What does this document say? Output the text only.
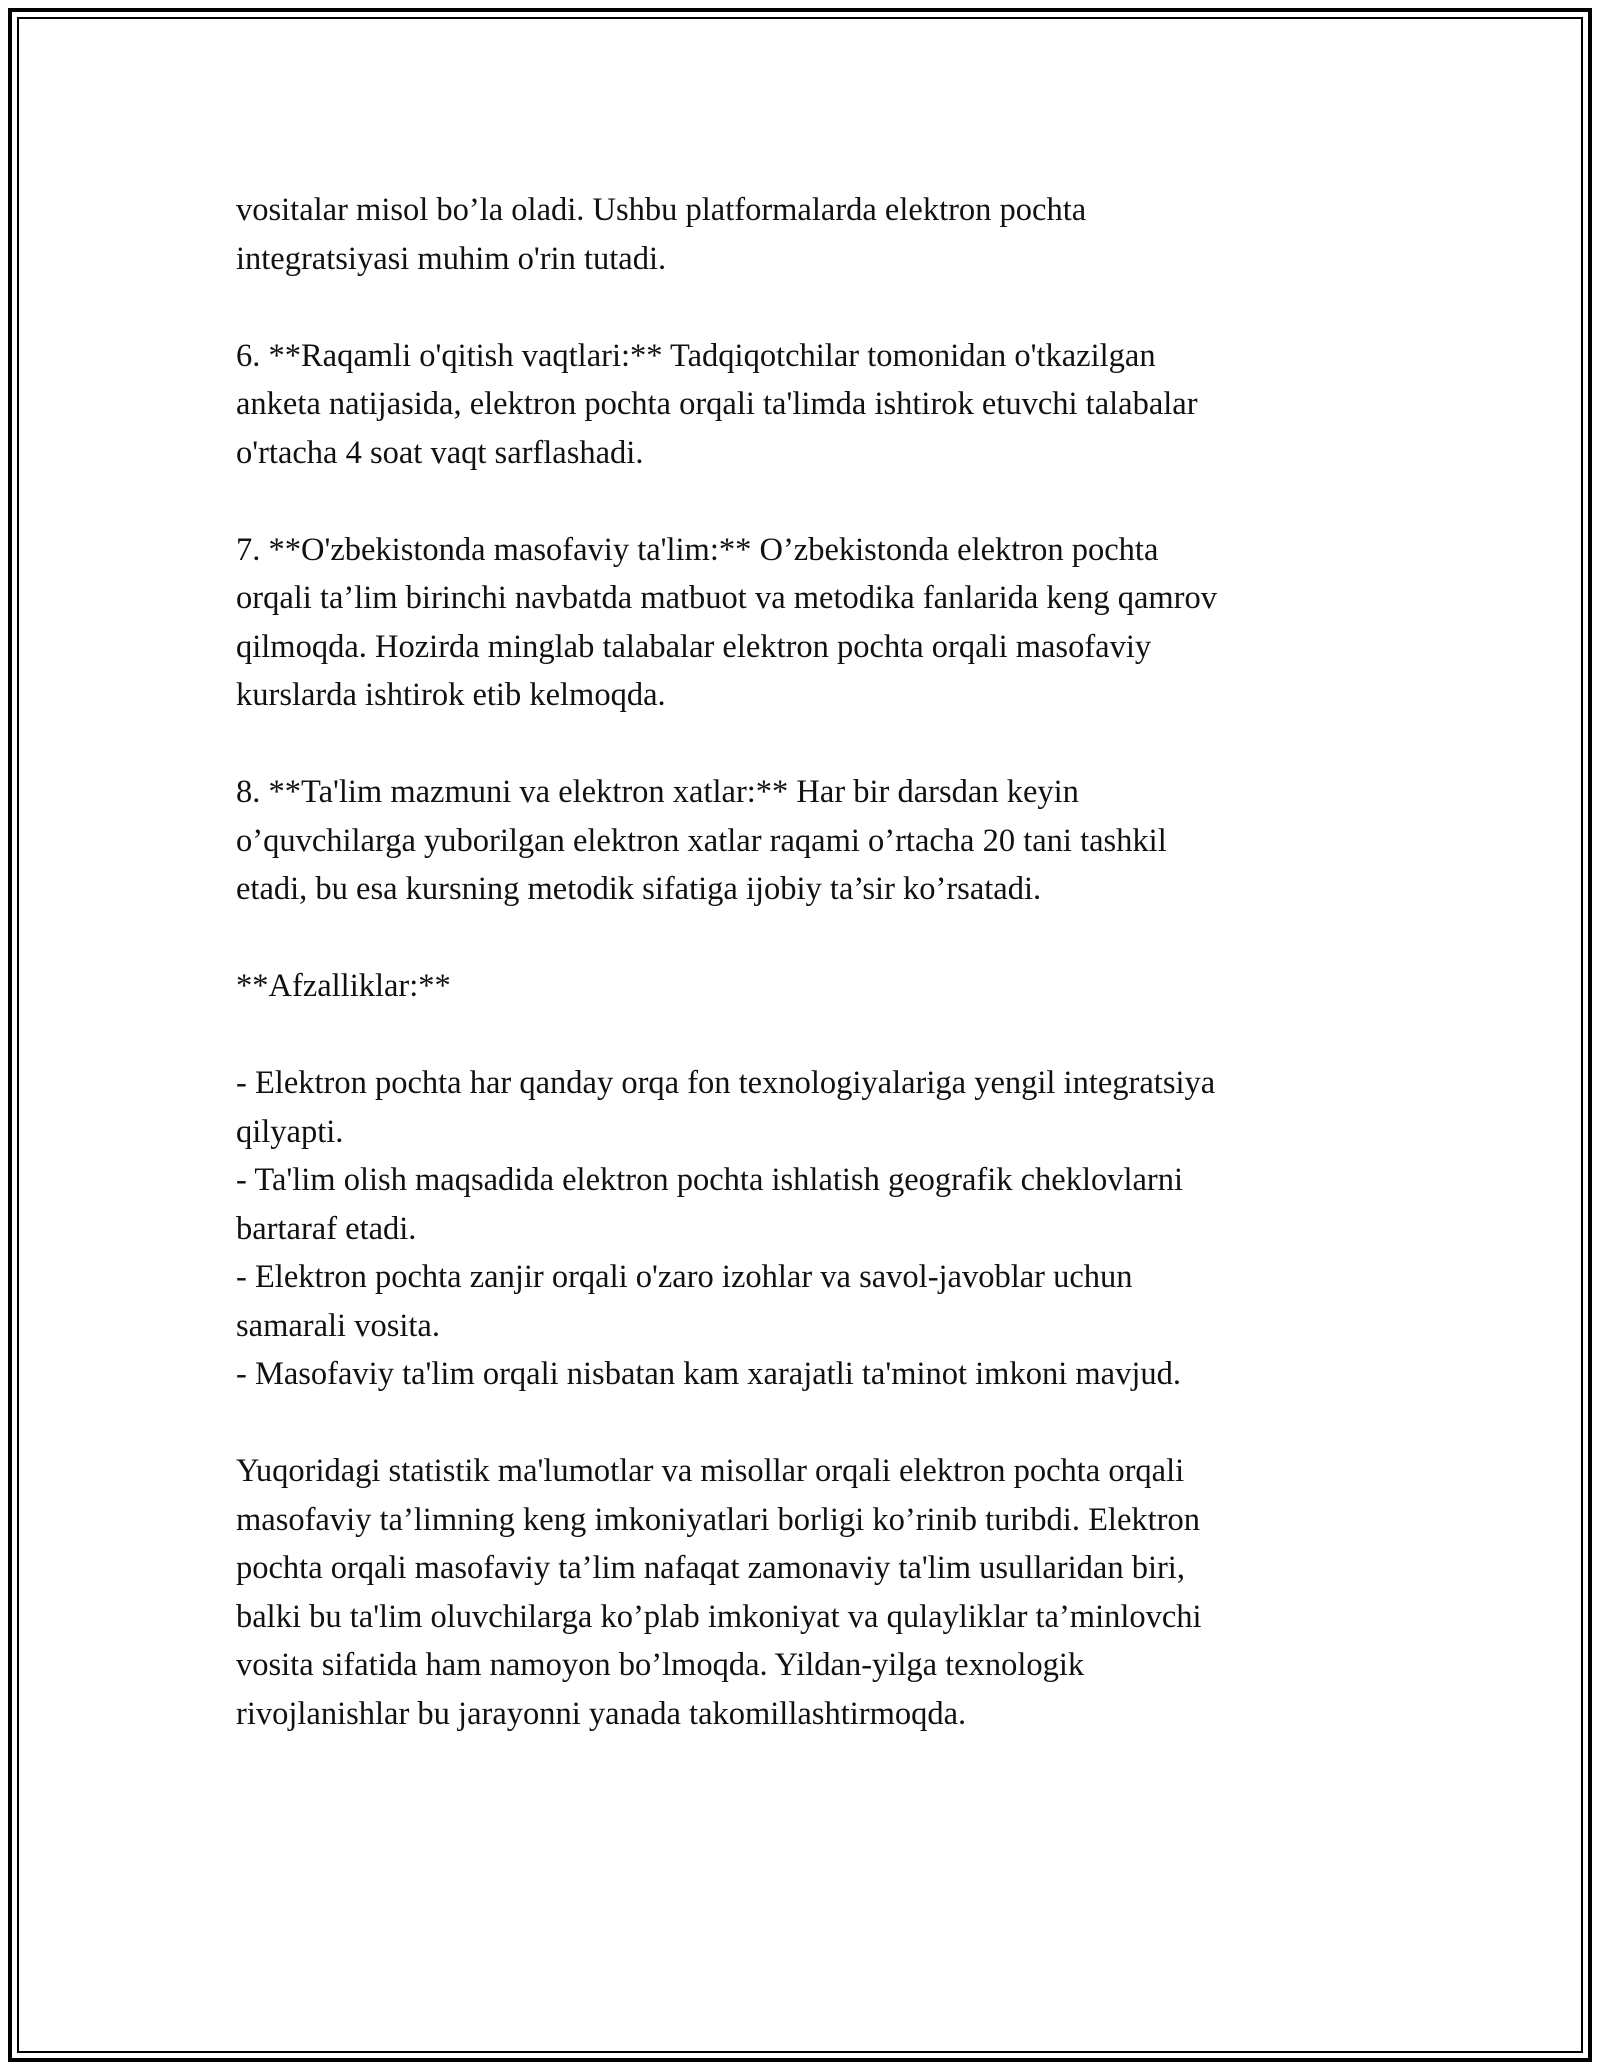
vositalar misol bo’la oladi. Ushbu platformalarda elektron pochta
integratsiyasi muhim o'rin tutadi.
6. **Raqamli o'qitish vaqtlari:** Tadqiqotchilar tomonidan o'tkazilgan
anketa natijasida, elektron pochta orqali ta'limda ishtirok etuvchi talabalar
o'rtacha 4 soat vaqt sarflashadi.
7. **O'zbekistonda masofaviy ta'lim:** O’zbekistonda elektron pochta
orqali ta’lim birinchi navbatda matbuot va metodika fanlarida keng qamrov
qilmoqda. Hozirda minglab talabalar elektron pochta orqali masofaviy
kurslarda ishtirok etib kelmoqda.
8. **Ta'lim mazmuni va elektron xatlar:** Har bir darsdan keyin
o’quvchilarga yuborilgan elektron xatlar raqami o’rtacha 20 tani tashkil
etadi, bu esa kursning metodik sifatiga ijobiy ta’sir ko’rsatadi.
**Afzalliklar:**
- Elektron pochta har qanday orqa fon texnologiyalariga yengil integratsiya
qilyapti.
- Ta'lim olish maqsadida elektron pochta ishlatish geografik cheklovlarni
bartaraf etadi.
- Elektron pochta zanjir orqali o'zaro izohlar va savol-javoblar uchun
samarali vosita.
- Masofaviy ta'lim orqali nisbatan kam xarajatli ta'minot imkoni mavjud.
Yuqoridagi statistik ma'lumotlar va misollar orqali elektron pochta orqali
masofaviy ta’limning keng imkoniyatlari borligi ko’rinib turibdi. Elektron
pochta orqali masofaviy ta’lim nafaqat zamonaviy ta'lim usullaridan biri,
balki bu ta'lim oluvchilarga ko’plab imkoniyat va qulayliklar ta’minlovchi
vosita sifatida ham namoyon bo’lmoqda. Yildan-yilga texnologik
rivojlanishlar bu jarayonni yanada takomillashtirmoqda.
